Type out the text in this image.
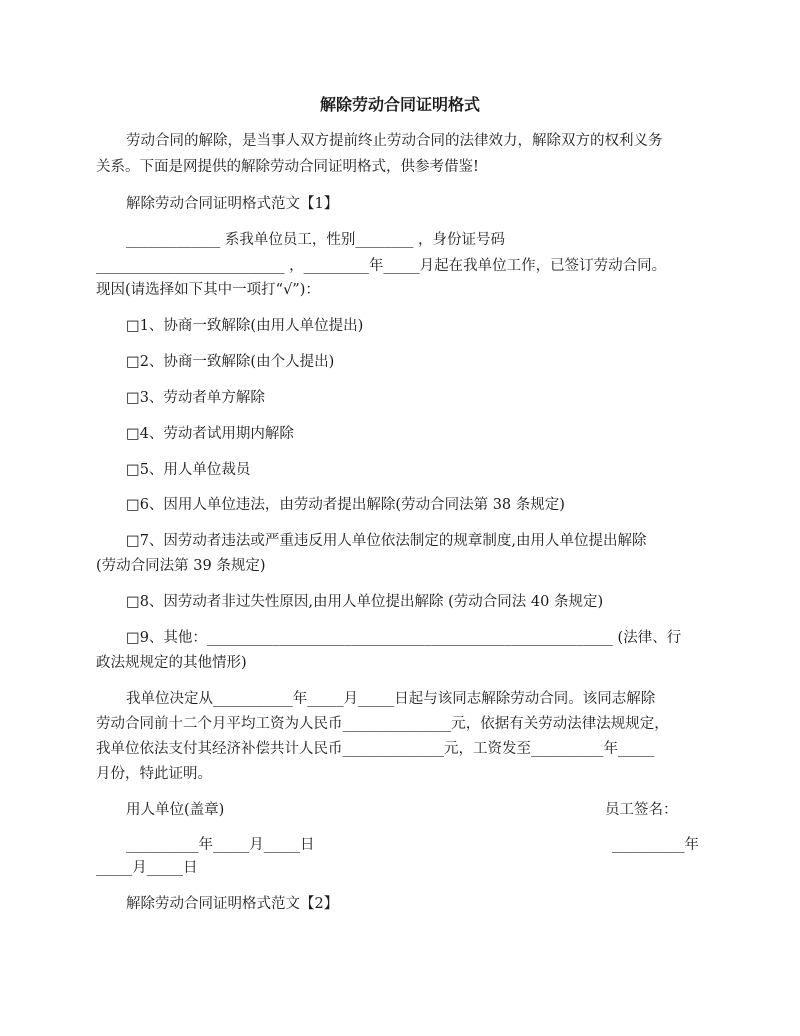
解除劳动合同证明格式
劳动合同的解除，是当事人双方提前终止劳动合同的法律效力，解除双方的权利义务
关系。下面是网提供的解除劳动合同证明格式，供参考借鉴!
解除劳动合同证明格式范文【1】
_____________ 系我单位员工，性别________ ，身份证号码
__________________________ ，_________年_____月起在我单位工作，已签订劳动合同。
现因(请选择如下其中一项打“√”)：
□1、协商一致解除(由用人单位提出)
□2、协商一致解除(由个人提出)
□3、劳动者单方解除
□4、劳动者试用期内解除
□5、用人单位裁员
□6、因用人单位违法，由劳动者提出解除(劳动合同法第 38 条规定)
□7、因劳动者违法或严重违反用人单位依法制定的规章制度,由用人单位提出解除
(劳动合同法第 39 条规定)
□8、因劳动者非过失性原因,由用人单位提出解除 (劳动合同法 40 条规定)
□9、其他：________________________________________________________ (法律、行
政法规规定的其他情形)
我单位决定从___________年_____月_____日起与该同志解除劳动合同。该同志解除
劳动合同前十二个月平均工资为人民币_______________元，依据有关劳动法律法规规定，
我单位依法支付其经济补偿共计人民币______________元，工资发至__________年_____
月份，特此证明。
用人单位(盖章)	员工签名：
__________年_____月_____日	__________年
_____月_____日
解除劳动合同证明格式范文【2】
